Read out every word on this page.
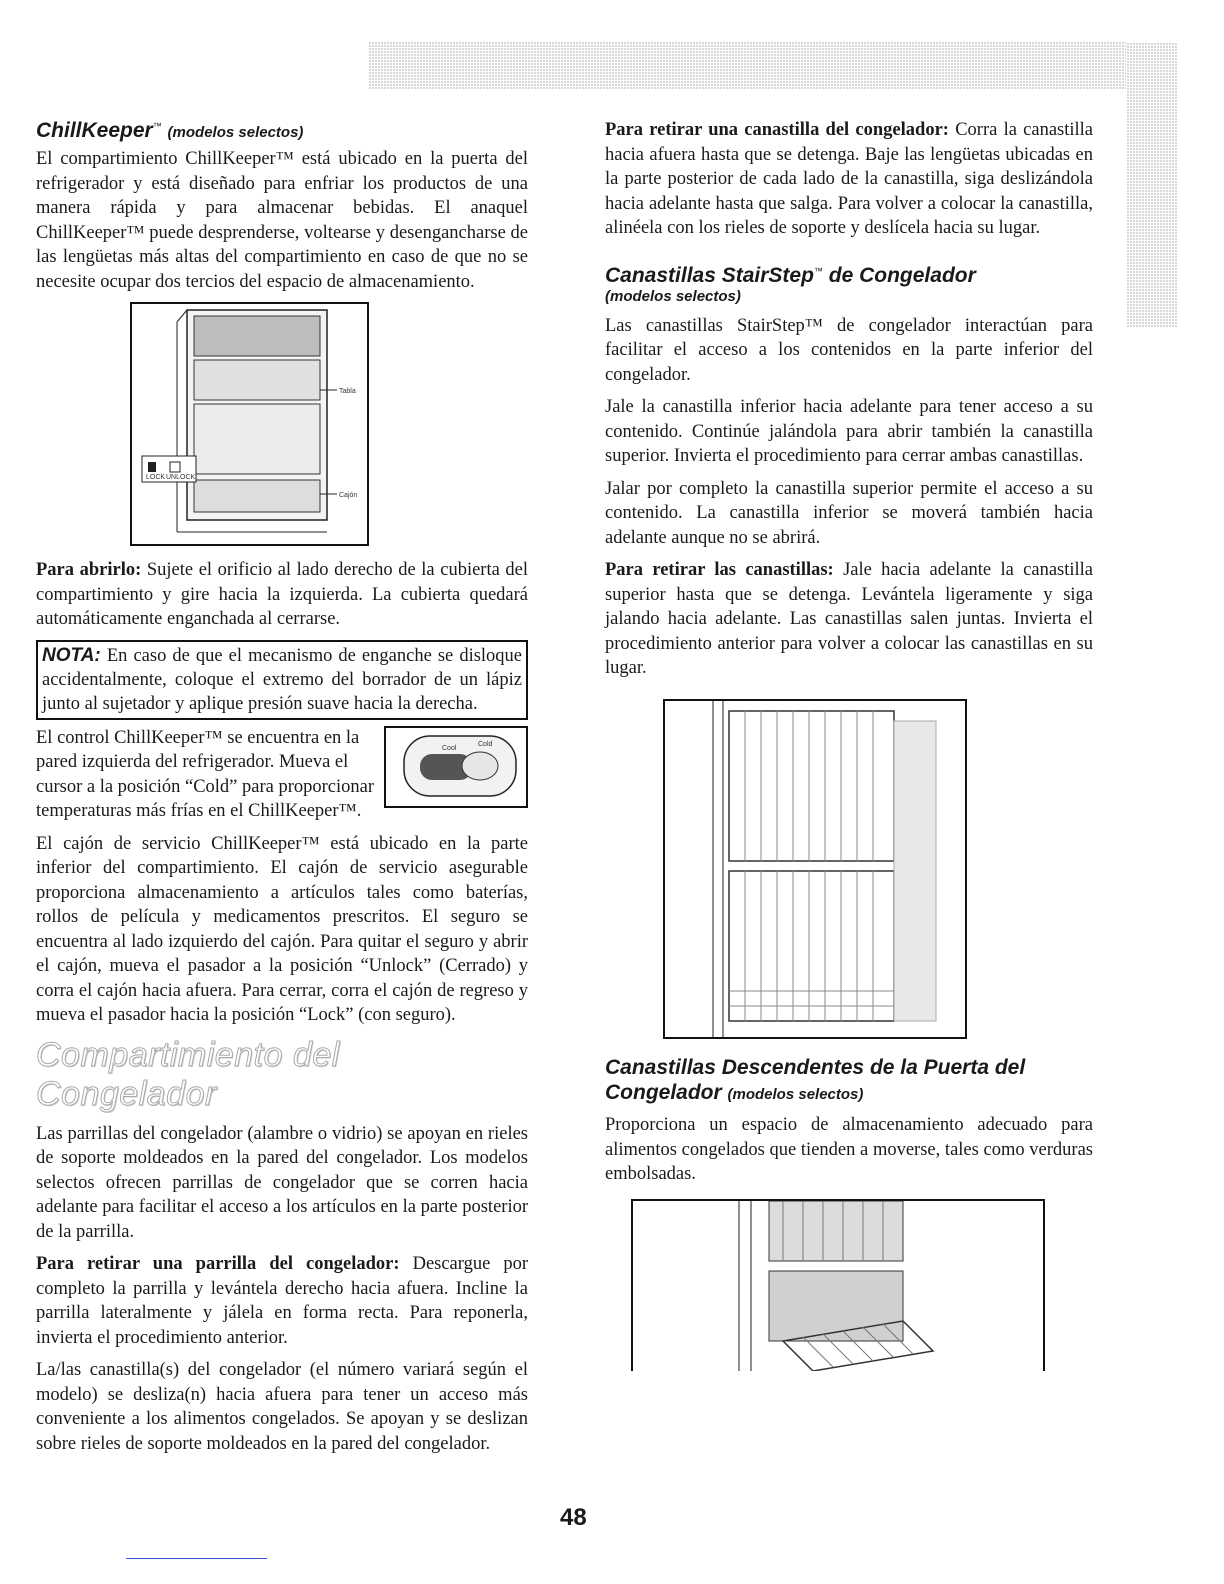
ChillKeeper™ (modelos selectos)

El compartimiento ChillKeeper™ está ubicado en la puerta del refrigerador y está diseñado para enfriar los productos de una manera rápida y para almacenar bebidas. El anaquel ChillKeeper™ puede desprenderse, voltearse y desengancharse de las lengüetas más altas del compartimiento en caso de que no se necesite ocupar dos tercios del espacio de almacenamiento.

LOCK UNLOCK
Tabla
Cajón

Para abrirlo: Sujete el orificio al lado derecho de la cubierta del compartimiento y gire hacia la izquierda. La cubierta quedará automáticamente enganchada al cerrarse.

NOTA: En caso de que el mecanismo de enganche se disloque accidentalmente, coloque el extremo del borrador de un lápiz junto al sujetador y aplique presión suave hacia la derecha.
Cool
Cold

El control ChillKeeper™ se encuentra en la pared izquierda del refrigerador. Mueva el cursor a la posición “Cold” para proporcionar temperaturas más frías en el ChillKeeper™.

El cajón de servicio ChillKeeper™ está ubicado en la parte inferior del compartimiento. El cajón de servicio asegurable proporciona almacenamiento a artículos tales como baterías, rollos de película y medicamentos prescritos. El seguro se encuentra al lado izquierdo del cajón. Para quitar el seguro y abrir el cajón, mueva el pasador a la posición “Unlock” (Cerrado) y corra el cajón hacia afuera. Para cerrar, corra el cajón de regreso y mueva el pasador hacia la posición “Lock” (con seguro).

Compartimiento del Congelador

Las parrillas del congelador (alambre o vidrio) se apoyan en rieles de soporte moldeados en la pared del congelador. Los modelos selectos ofrecen parrillas de congelador que se corren hacia adelante para facilitar el acceso a los artículos en la parte posterior de la parrilla.

Para retirar una parrilla del congelador: Descargue por completo la parrilla y levántela derecho hacia afuera. Incline la parrilla lateralmente y jálela en forma recta. Para reponerla, invierta el procedimiento anterior.

La/las canastilla(s) del congelador (el número variará según el modelo) se desliza(n) hacia afuera para tener un acceso más conveniente a los alimentos congelados. Se apoyan y se deslizan sobre rieles de soporte moldeados en la pared del congelador.

Para retirar una canastilla del congelador: Corra la canastilla hacia afuera hasta que se detenga. Baje las lengüetas ubicadas en la parte posterior de cada lado de la canastilla, siga deslizándola hacia adelante hasta que salga. Para volver a colocar la canastilla, alinéela con los rieles de soporte y deslícela hacia su lugar.

Canastillas StairStep™ de Congelador
(modelos selectos)

Las canastillas StairStep™ de congelador interactúan para facilitar el acceso a los contenidos en la parte inferior del congelador.

Jale la canastilla inferior hacia adelante para tener acceso a su contenido. Continúe jalándola para abrir también la canastilla superior. Invierta el procedimiento para cerrar ambas canastillas.

Jalar por completo la canastilla superior permite el acceso a su contenido. La canastilla inferior se moverá también hacia adelante aunque no se abrirá.

Para retirar las canastillas: Jale hacia adelante la canastilla superior hasta que se detenga. Levántela ligeramente y siga jalando hacia adelante. Las canastillas salen juntas. Invierta el procedimiento anterior para volver a colocar las canastillas en su lugar.

Canastillas Descendentes de la Puerta del
Congelador (modelos selectos)

Proporciona un espacio de almacenamiento adecuado para alimentos congelados que tienden a moverse, tales como verduras embolsadas.

48
